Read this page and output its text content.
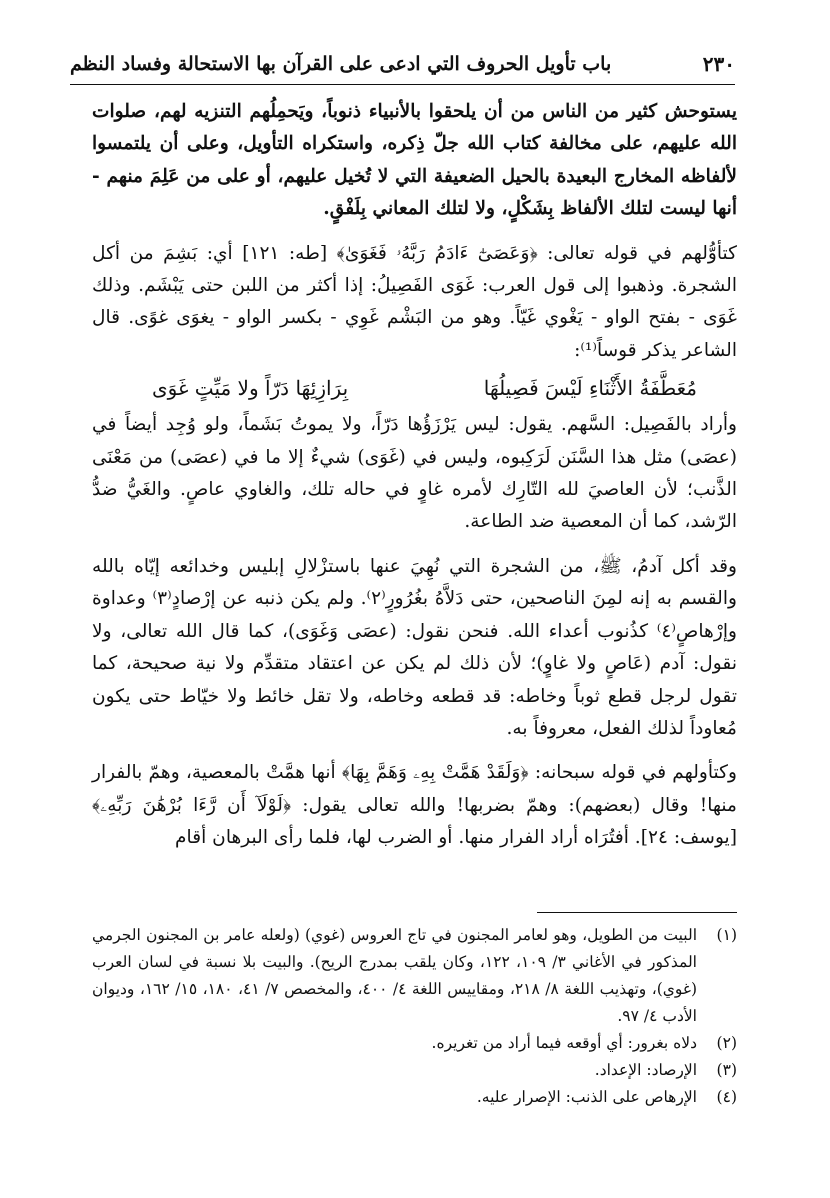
٢٣٠
باب تأويل الحروف التي ادعى على القرآن بها الاستحالة وفساد النظم

يستوحش كثير من الناس من أن يلحقوا بالأنبياء ذنوباً، ويَحمِلُهم التنزيه لهم، صلوات الله عليهم، على مخالفة كتاب الله جلّ ذِكره، واستكراه التأويل، وعلى أن يلتمسوا لألفاظه المخارج البعيدة بالحيل الضعيفة التي لا تُخيل عليهم، أو على من عَلِمَ منهم - أنها ليست لتلك الألفاظ بِشَكْلٍ، ولا لتلك المعاني بِلَفْقٍ.

كتأوُّلهم في قوله تعالى: ﴿وَعَصَىٰٓ ءَادَمُ رَبَّهُۥ فَغَوَىٰ﴾ [طه: ١٢١] أي: بَشِمَ من أكل الشجرة. وذهبوا إلى قول العرب: غَوَى الفَصِيلُ: إذا أكثر من اللبن حتى يَبْشَم. وذلك غَوَى - بفتح الواو - يَغْوي غَيّاً. وهو من البَشْم غَوِي - بكسر الواو - يغوَى غوًى. قال الشاعر يذكر قوساً⁽¹⁾:

مُعَطَّفَةُ الأَثْنَاءِ لَيْسَ فَصِيلُهَا
بِرَازِئِهَا دَرّاً ولا مَيِّتٍ غَوَى

وأراد بالفَصِيل: السَّهم. يقول: ليس يَرْزَؤُها دَرّاً، ولا يموتُ بَشَماً، ولو وُجِد أيضاً في (عصَى) مثل هذا السَّنَن لَرَكِبوه، وليس في (غَوَى) شيءٌ إلا ما في (عصَى) من مَعْنَى الذَّنب؛ لأن العاصيَ لله التّارِك لأمره غاوٍ في حاله تلك، والغاوي عاصٍ. والغَيُّ ضدُّ الرّشد، كما أن المعصية ضد الطاعة.

وقد أكل آدمُ، ﷺ، من الشجرة التي نُهِيَ عنها باستزْلالِ إبليس وخدائعه إيّاه بالله والقسم به إنه لمِنَ الناصحين، حتى دَلاَّهُ بغُرُورٍ⁽٢⁾. ولم يكن ذنبه عن إرْصادٍ⁽٣⁾ وعداوة وإرْهاصٍ⁽٤⁾ كذُنوب أعداء الله. فنحن نقول: (عصَى وَغَوَى)، كما قال الله تعالى، ولا نقول: آدم (عَاصٍ ولا غاوٍ)؛ لأن ذلك لم يكن عن اعتقاد متقدِّم ولا نية صحيحة، كما تقول لرجل قطع ثوباً وخاطه: قد قطعه وخاطه، ولا تقل خائط ولا خيّاط حتى يكون مُعاوداً لذلك الفعل، معروفاً به.

وكتأولهم في قوله سبحانه: ﴿وَلَقَدْ هَمَّتْ بِهِۦ وَهَمَّ بِهَا﴾ أنها همَّتْ بالمعصية، وهمّ بالفرار منها! وقال (بعضهم): وهمّ بضربها! والله تعالى يقول: ﴿لَوْلَآ أَن رَّءَا بُرْهَٰنَ رَبِّهِۦ﴾ [يوسف: ٢٤]. أفتُرَاه أراد الفرار منها. أو الضرب لها، فلما رأى البرهان أقام

(١)
البيت من الطويل، وهو لعامر المجنون في تاج العروس (غوي) (ولعله عامر بن المجنون الجرمي المذكور في الأغاني ٣/ ١٠٩، ١٢٢، وكان يلقب بمدرج الريح). والبيت بلا نسبة في لسان العرب (غوي)، وتهذيب اللغة ٨/ ٢١٨، ومقاييس اللغة ٤/ ٤٠٠، والمخصص ٧/ ٤١، ١٨٠، ١٥/ ١٦٢، وديوان الأدب ٤/ ٩٧.
(٢)
دلاه بغرور: أي أوقعه فيما أراد من تغريره.
(٣)
الإرصاد: الإعداد.
(٤)
الإرهاص على الذنب: الإصرار عليه.
